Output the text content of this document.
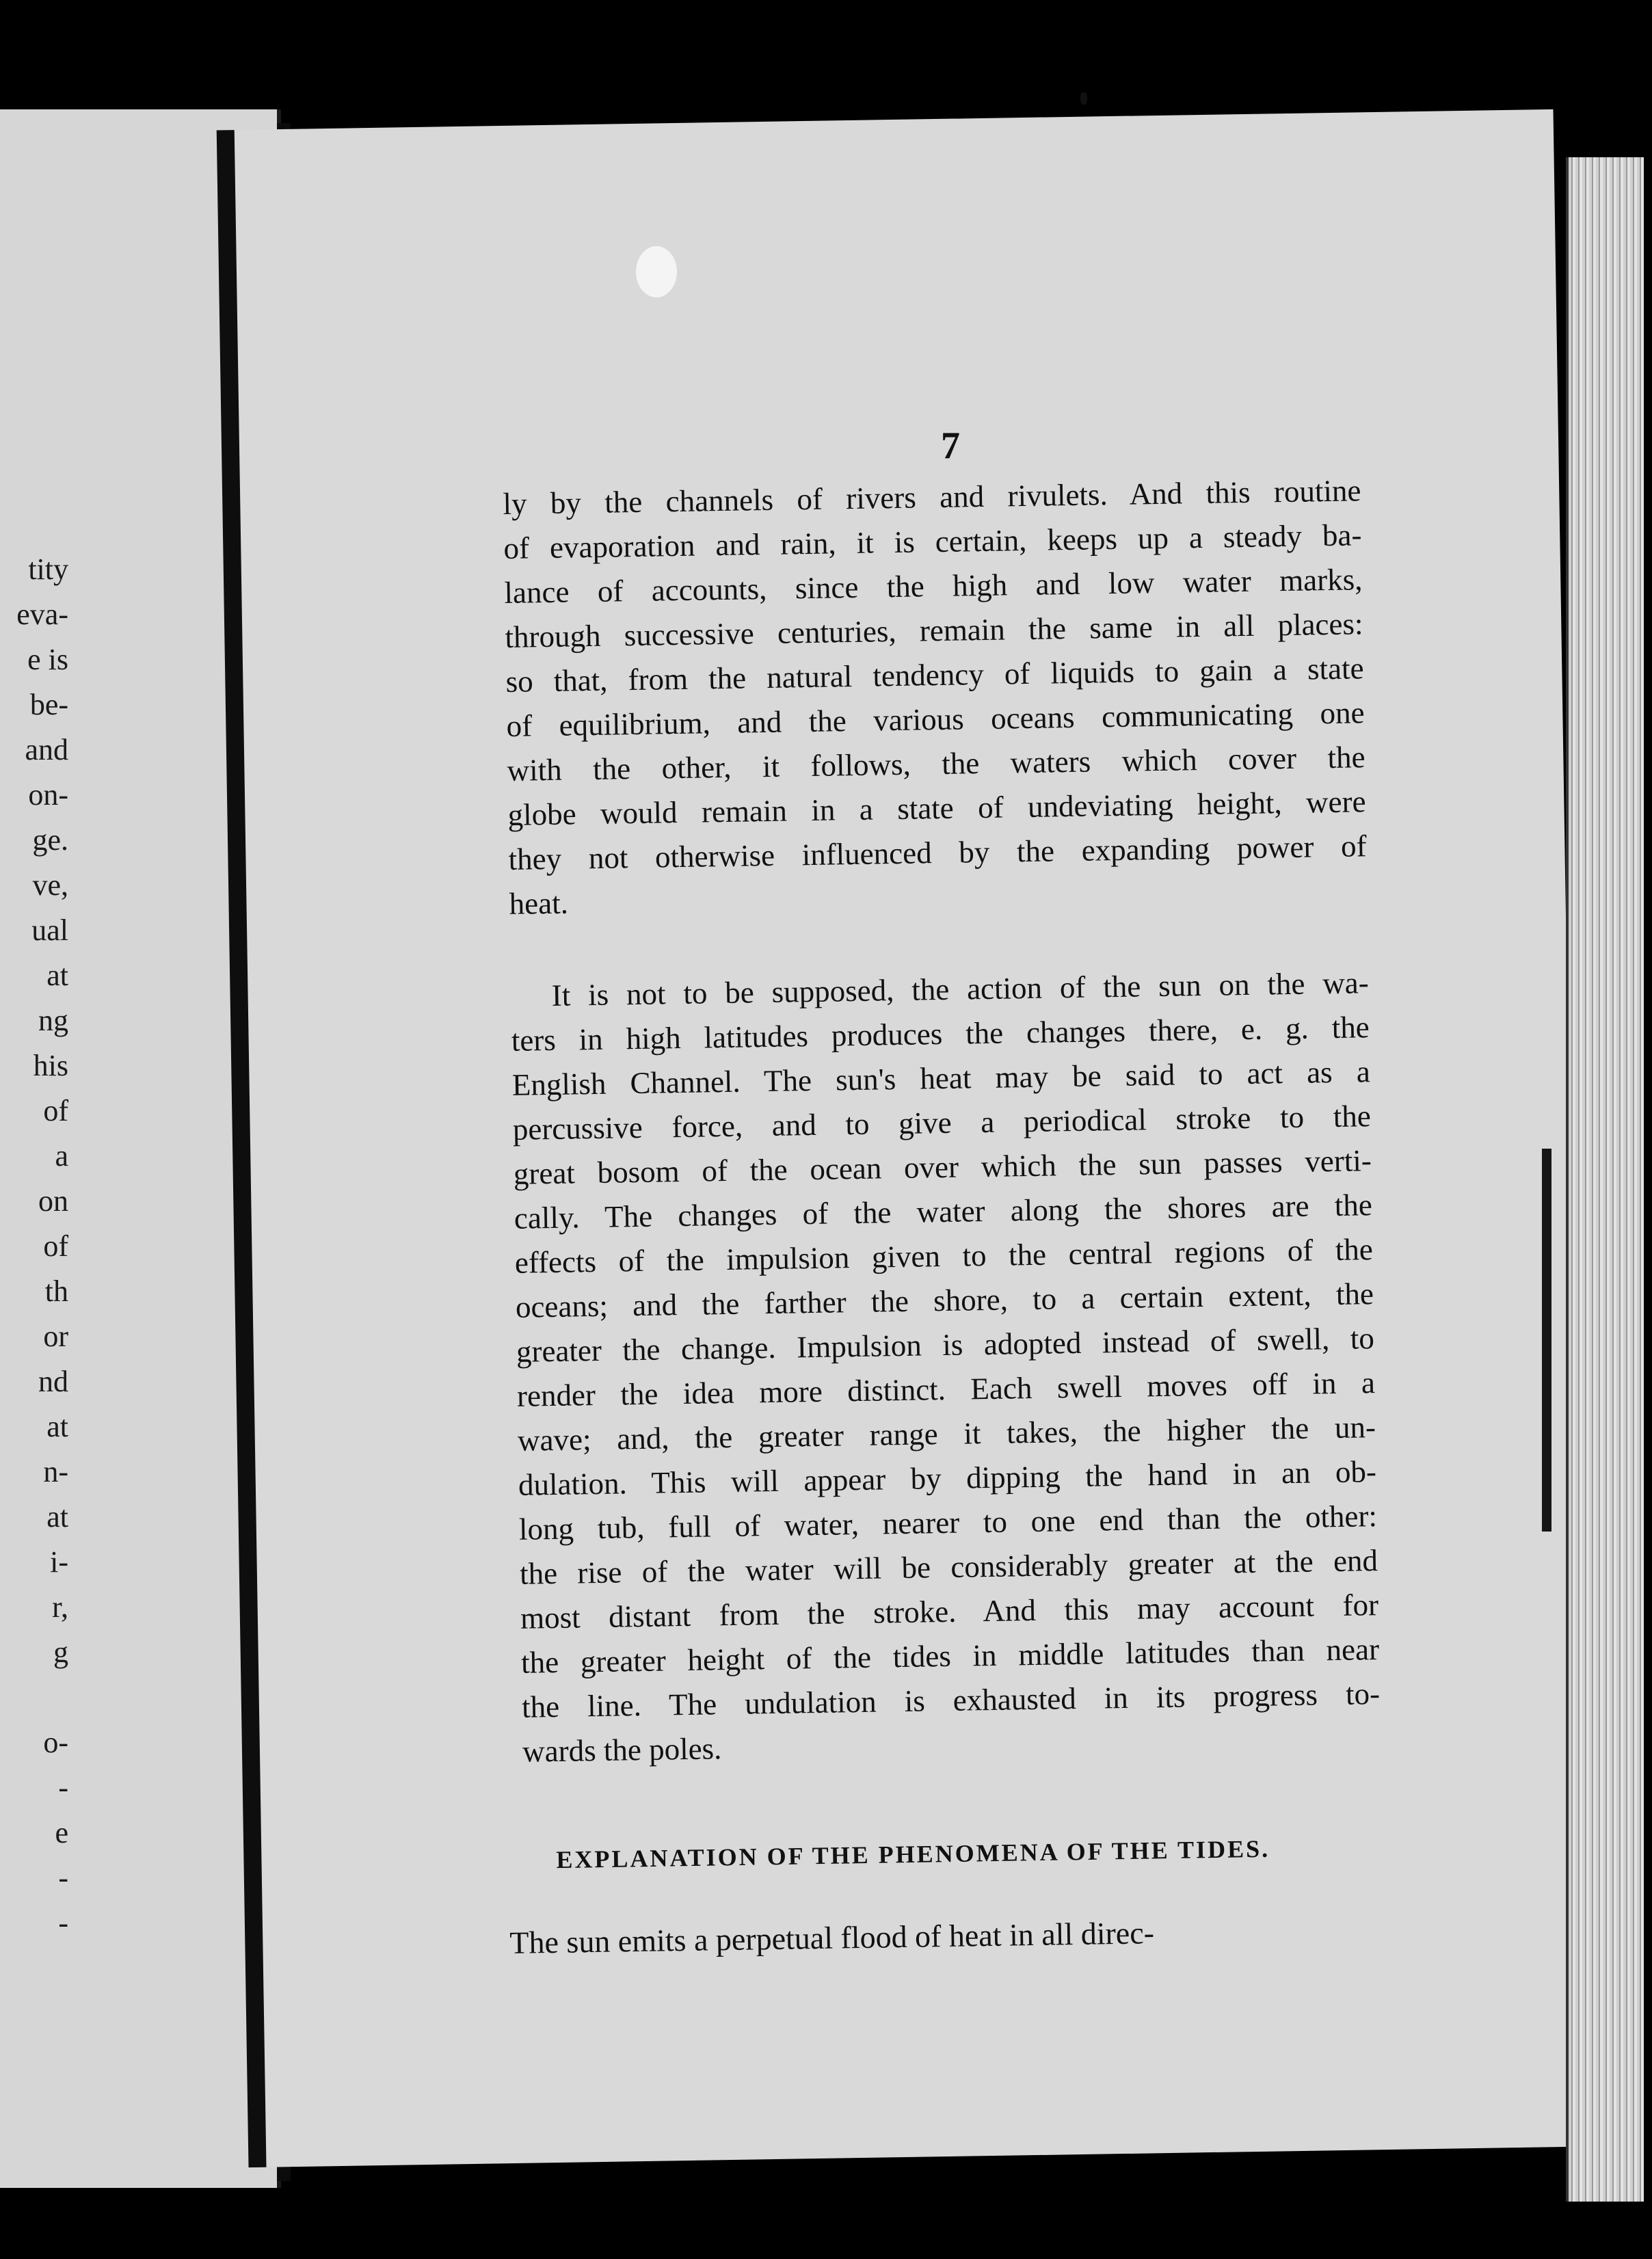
tity
eva-
e is
be-
and
on-
ge.
ve,
ual
at
ng
his
of
a
on
of
th
or
nd
at
n-
at
i-
r,
g
o-
-
e
-
-
7
ly by the channels of rivers and rivulets. And this routine
of evaporation and rain, it is certain, keeps up a steady ba-
lance of accounts, since the high and low water marks,
through successive centuries, remain the same in all places:
so that, from the natural tendency of liquids to gain a state
of equilibrium, and the various oceans communicating one
with the other, it follows, the waters which cover the
globe would remain in a state of undeviating height, were
they not otherwise influenced by the expanding power of
heat.
It is not to be supposed, the action of the sun on the wa-
ters in high latitudes produces the changes there, e. g. the
English Channel. The sun's heat may be said to act as a
percussive force, and to give a periodical stroke to the
great bosom of the ocean over which the sun passes verti-
cally. The changes of the water along the shores are the
effects of the impulsion given to the central regions of the
oceans; and the farther the shore, to a certain extent, the
greater the change. Impulsion is adopted instead of swell, to
render the idea more distinct. Each swell moves off in a
wave; and, the greater range it takes, the higher the un-
dulation. This will appear by dipping the hand in an ob-
long tub, full of water, nearer to one end than the other:
the rise of the water will be considerably greater at the end
most distant from the stroke. And this may account for
the greater height of the tides in middle latitudes than near
the line. The undulation is exhausted in its progress to-
wards the poles.
EXPLANATION OF THE PHENOMENA OF THE TIDES.
The sun emits a perpetual flood of heat in all direc-
